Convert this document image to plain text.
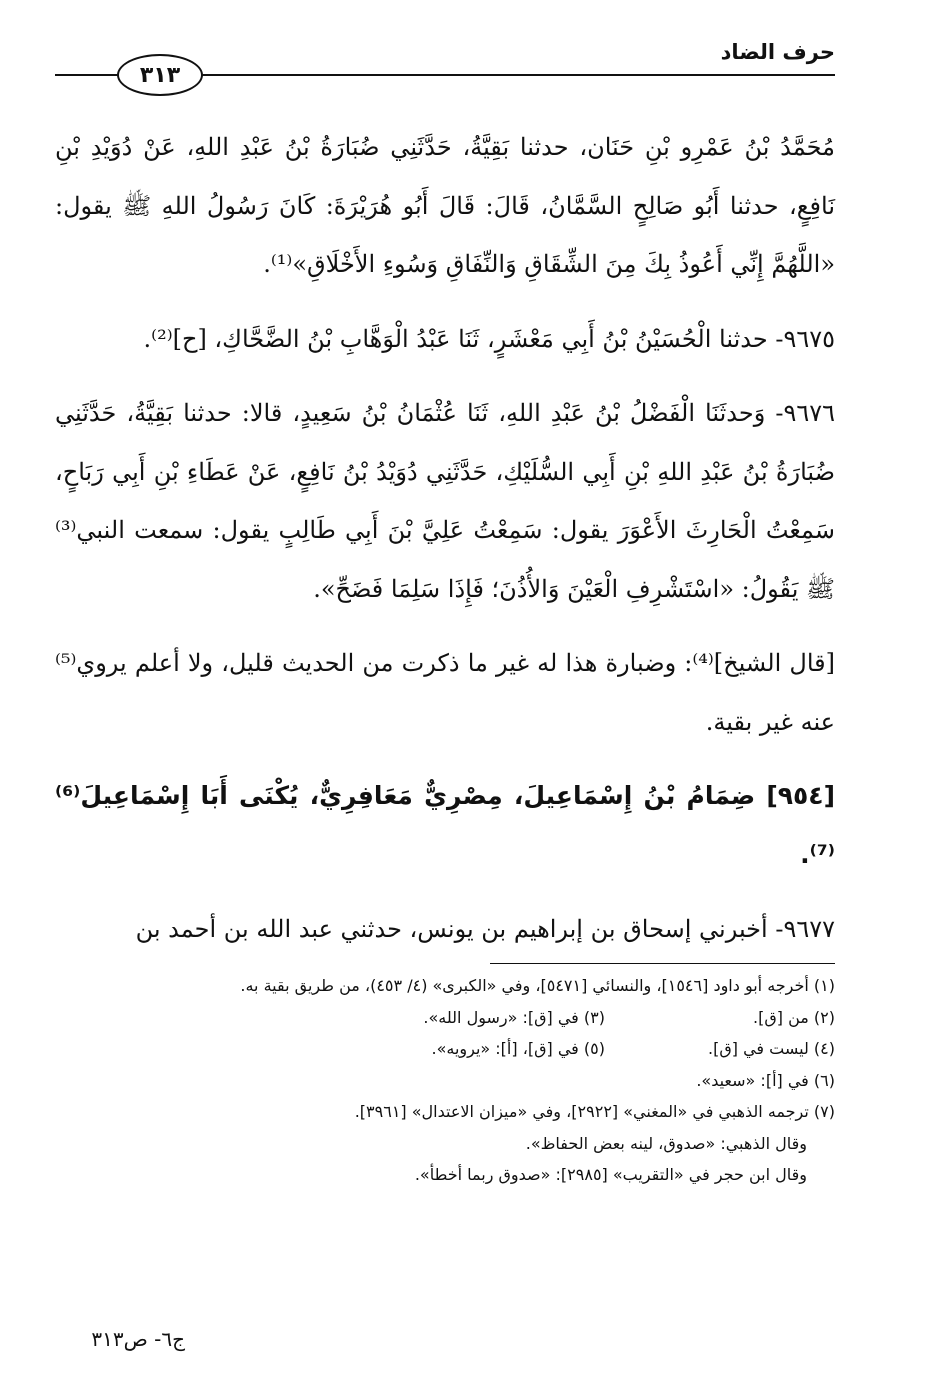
حرف الضاد
٣١٣

مُحَمَّدُ بْنُ عَمْرِو بْنِ حَنَان، حدثنا بَقِيَّةُ، حَدَّثَنِي ضُبَارَةُ بْنُ عَبْدِ اللهِ، عَنْ دُوَيْدِ بْنِ نَافِعٍ، حدثنا أَبُو صَالِحٍ السَّمَّانُ، قَالَ: قَالَ أَبُو هُرَيْرَةَ: كَانَ رَسُولُ اللهِ ﷺ يقول: «اللَّهُمَّ إِنِّي أَعُوذُ بِكَ مِنَ الشِّقَاقِ وَالنِّفَاقِ وَسُوءِ الأَخْلَاقِ»⁽¹⁾.

٩٦٧٥- حدثنا الْحُسَيْنُ بْنُ أَبِي مَعْشَرٍ، ثَنَا عَبْدُ الْوَهَّابِ بْنُ الضَّحَّاكِ، [ح]⁽²⁾.

٩٦٧٦- وَحدثَنَا الْفَضْلُ بْنُ عَبْدِ اللهِ، ثَنَا عُثْمَانُ بْنُ سَعِيدٍ، قالا: حدثنا بَقِيَّةُ، حَدَّثَنِي ضُبَارَةُ بْنُ عَبْدِ اللهِ بْنِ أَبِي السُّلَيْكِ، حَدَّثَنِي دُوَيْدُ بْنُ نَافِعٍ، عَنْ عَطَاءِ بْنِ أَبِي رَبَاحٍ، سَمِعْتُ الْحَارِثَ الأَعْوَرَ يقول: سَمِعْتُ عَلِيَّ بْنَ أَبِي طَالِبٍ يقول: سمعت النبي⁽³⁾ ﷺ يَقُولُ: «اسْتَشْرِفِ الْعَيْنَ وَالأُذُنَ؛ فَإِذَا سَلِمَا فَضَحِّ».

[قال الشيخ]⁽⁴⁾: وضبارة هذا له غير ما ذكرت من الحديث قليل، ولا أعلم يروي⁽⁵⁾ عنه غير بقية.

[٩٥٤] ضِمَامُ بْنُ إِسْمَاعِيلَ، مِصْرِيٌّ مَعَافِرِيٌّ، يُكْنَى أَبَا إِسْمَاعِيلَ⁽⁶⁾⁽⁷⁾.

٩٦٧٧- أخبرني إسحاق بن إبراهيم بن يونس، حدثني عبد الله بن أحمد بن

(١) أخرجه أبو داود [١٥٤٦]، والنسائي [٥٤٧١]، وفي «الكبرى» (٤/ ٤٥٣)، من طريق بقية به.
(٢) من [ق].
(٣) في [ق]: «رسول الله».
(٤) ليست في [ق].
(٥) في [ق]، [أ]: «يرويه».
(٦) في [أ]: «سعيد».
(٧) ترجمه الذهبي في «المغني» [٢٩٢٢]، وفي «ميزان الاعتدال» [٣٩٦١].
وقال الذهبي: «صدوق، لينه بعض الحفاظ».
وقال ابن حجر في «التقريب» [٢٩٨٥]: «صدوق ربما أخطأ».
ج٦- ص٣١٣
